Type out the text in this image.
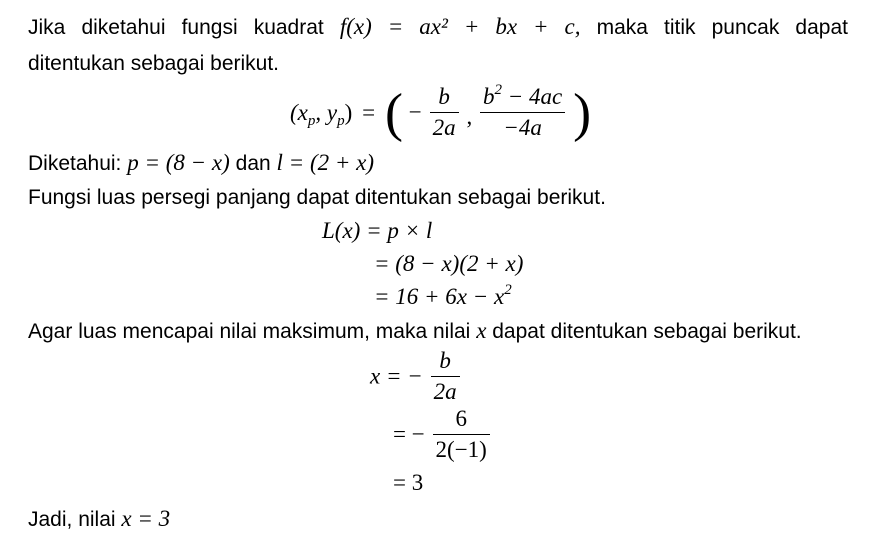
Jika diketahui fungsi kuadrat f(x) = ax² + bx + c, maka titik puncak dapat
ditentukan sebagai berikut.
($x_p$, $y_p$) = ( − $\frac{b}{2a}$ , $\frac{b^2 - 4ac}{-4a}$ )
Diketahui: p = (8 − x) dan l = (2 + x)
Fungsi luas persegi panjang dapat ditentukan sebagai berikut.
L(x) = p × l
= (8 − x)(2 + x)
= $16 + 6x - x^2$
Agar luas mencapai nilai maksimum, maka nilai x dapat ditentukan sebagai berikut.
x = − $\frac{b}{2a}$
= − $\frac{6}{2(-1)}$
= 3
Jadi, nilai x = 3
